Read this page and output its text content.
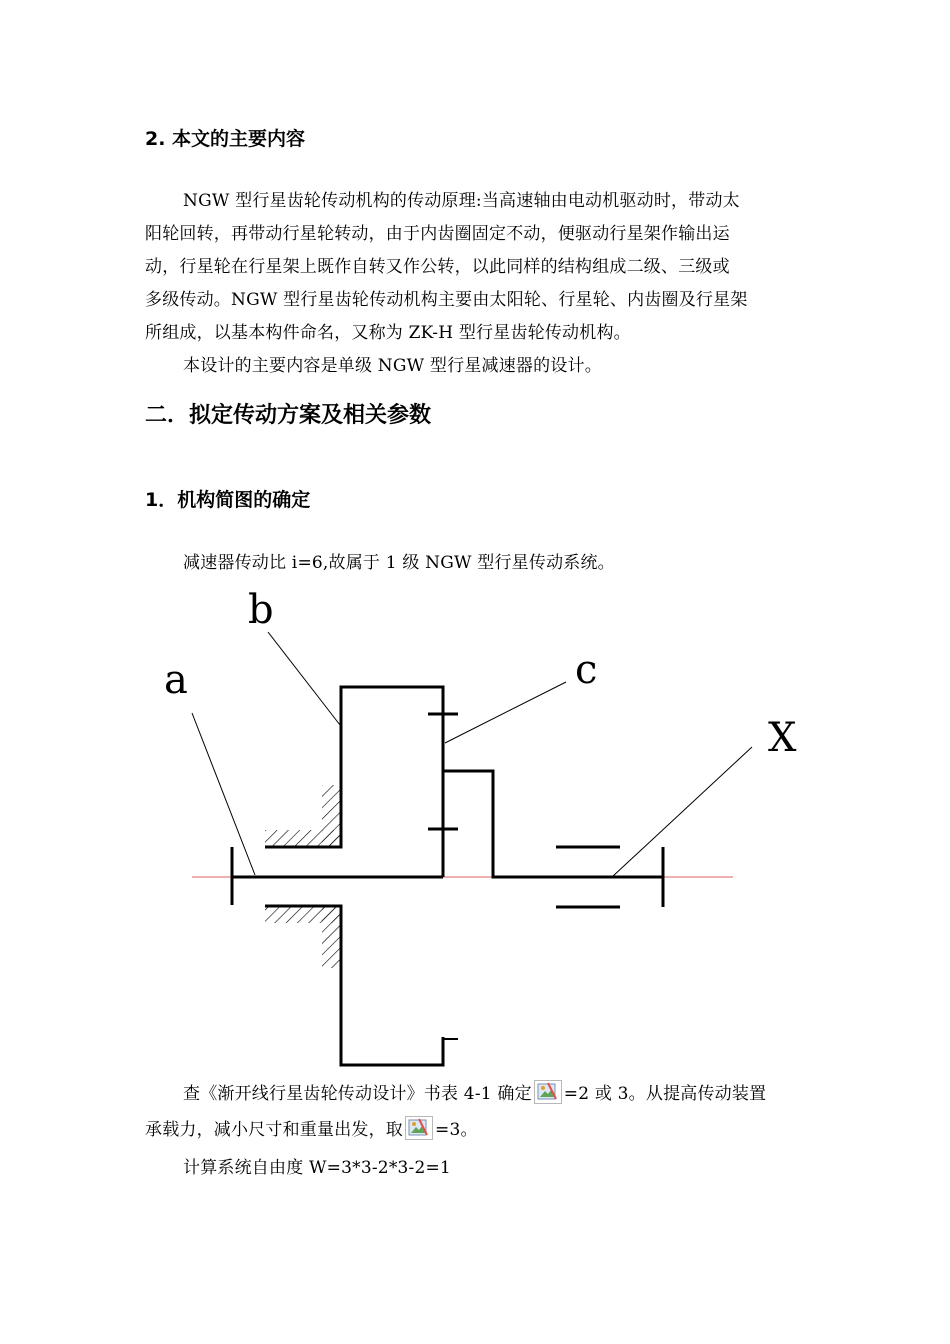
2. 本文的主要内容
NGW 型行星齿轮传动机构的传动原理:当高速轴由电动机驱动时，带动太
阳轮回转，再带动行星轮转动，由于内齿圈固定不动，便驱动行星架作输出运
动，行星轮在行星架上既作自转又作公转，以此同样的结构组成二级、三级或
多级传动。NGW 型行星齿轮传动机构主要由太阳轮、行星轮、内齿圈及行星架
所组成，以基本构件命名，又称为 ZK-H 型行星齿轮传动机构。
本设计的主要内容是单级 NGW 型行星减速器的设计。
二．拟定传动方案及相关参数
1．机构简图的确定
减速器传动比 i=6,故属于 1 级 NGW 型行星传动系统。
a
b
c
X
查《渐开线行星齿轮传动设计》书表 4-1 确定 =2 或 3。从提高传动装置
承载力，减小尺寸和重量出发，取 =3。
计算系统自由度 W=3*3-2*3-2=1
